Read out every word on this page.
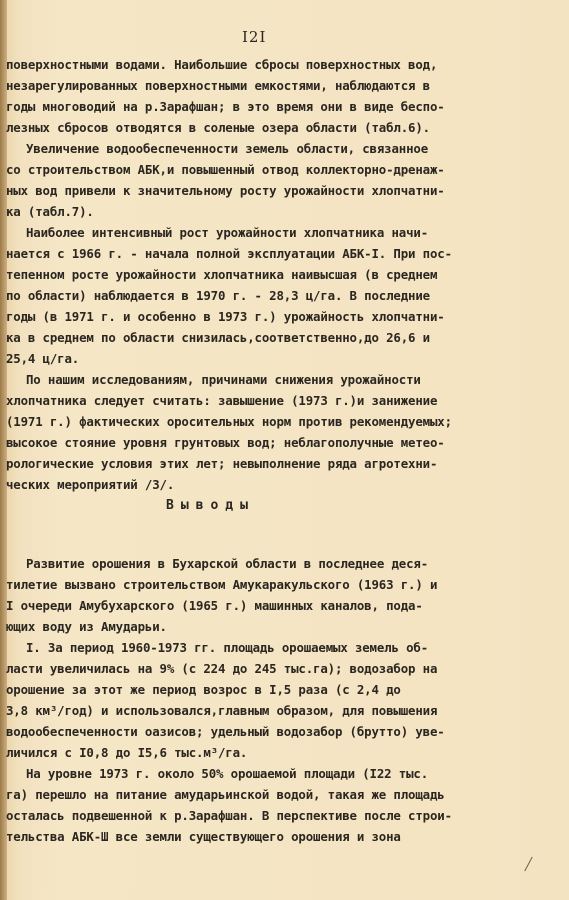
I2I
поверхностными водами. Наибольшие сбросы поверхностных вод,
незарегулированных поверхностными емкостями, наблюдаются в
годы многоводий на р.Зарафшан; в это время они в виде беспо-
лезных сбросов отводятся в соленые озера области (табл.6).
Увеличение водообеспеченности земель области, связанное
со строительством АБК,и повышенный отвод коллекторно-дренаж-
ных вод привели к значительному росту урожайности хлопчатни-
ка (табл.7).
Наиболее интенсивный рост урожайности хлопчатника начи-
нается с 1966 г. - начала полной эксплуатации АБК-I. При пос-
тепенном росте урожайности хлопчатника наивысшая (в среднем
по области) наблюдается в 1970 г. - 28,3 ц/га. В последние
годы (в 1971 г. и особенно в 1973 г.) урожайность хлопчатни-
ка в среднем по области снизилась,соответственно,до 26,6 и
25,4 ц/га.
По нашим исследованиям, причинами снижения урожайности
хлопчатника следует считать: завышение (1973 г.)и занижение
(1971 г.) фактических оросительных норм против рекомендуемых;
высокое стояние уровня грунтовых вод; неблагополучные метео-
рологические условия этих лет; невыполнение ряда агротехни-
ческих мероприятий /3/.
Выводы
Развитие орошения в Бухарской области в последнее деся-
тилетие вызвано строительством Амукаракульского (1963 г.) и
I очереди Амубухарского (1965 г.) машинных каналов, пода-
ющих воду из Амударьи.
I. За период 1960-1973 гг. площадь орошаемых земель об-
ласти увеличилась на 9% (с 224 до 245 тыс.га); водозабор на
орошение за этот же период возрос в I,5 раза (с 2,4 до
3,8 км³/год) и использовался,главным образом, для повышения
водообеспеченности оазисов; удельный водозабор (брутто) уве-
личился с I0,8 до I5,6 тыс.м³/га.
На уровне 1973 г. около 50% орошаемой площади (I22 тыс.
га) перешло на питание амударьинской водой, такая же площадь
осталась подвешенной к р.Зарафшан. В перспективе после строи-
тельства АБК-Ш все земли существующего орошения и зона
